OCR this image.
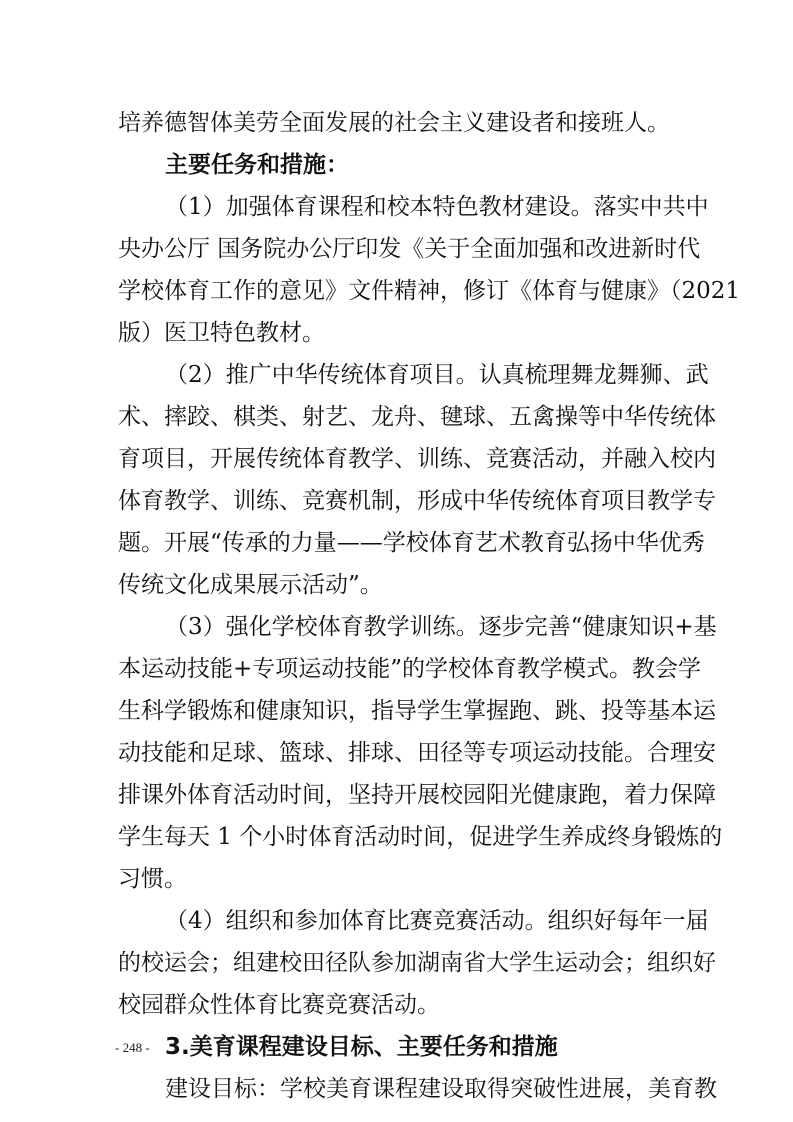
培养德智体美劳全面发展的社会主义建设者和接班人。
主要任务和措施：
（1）加强体育课程和校本特色教材建设。落实中共中
央办公厅 国务院办公厅印发《关于全面加强和改进新时代
学校体育工作的意见》文件精神，修订《体育与健康》（2021
版）医卫特色教材。
（2）推广中华传统体育项目。认真梳理舞龙舞狮、武
术、摔跤、棋类、射艺、龙舟、毽球、五禽操等中华传统体
育项目，开展传统体育教学、训练、竞赛活动，并融入校内
体育教学、训练、竞赛机制，形成中华传统体育项目教学专
题。开展“传承的力量——学校体育艺术教育弘扬中华优秀
传统文化成果展示活动”。
（3）强化学校体育教学训练。逐步完善“健康知识+基
本运动技能+专项运动技能”的学校体育教学模式。教会学
生科学锻炼和健康知识，指导学生掌握跑、跳、投等基本运
动技能和足球、篮球、排球、田径等专项运动技能。合理安
排课外体育活动时间，坚持开展校园阳光健康跑，着力保障
学生每天 1 个小时体育活动时间，促进学生养成终身锻炼的
习惯。
（4）组织和参加体育比赛竞赛活动。组织好每年一届
的校运会；组建校田径队参加湖南省大学生运动会；组织好
校园群众性体育比赛竞赛活动。
3.美育课程建设目标、主要任务和措施
建设目标：学校美育课程建设取得突破性进展，美育教
- 248 -
